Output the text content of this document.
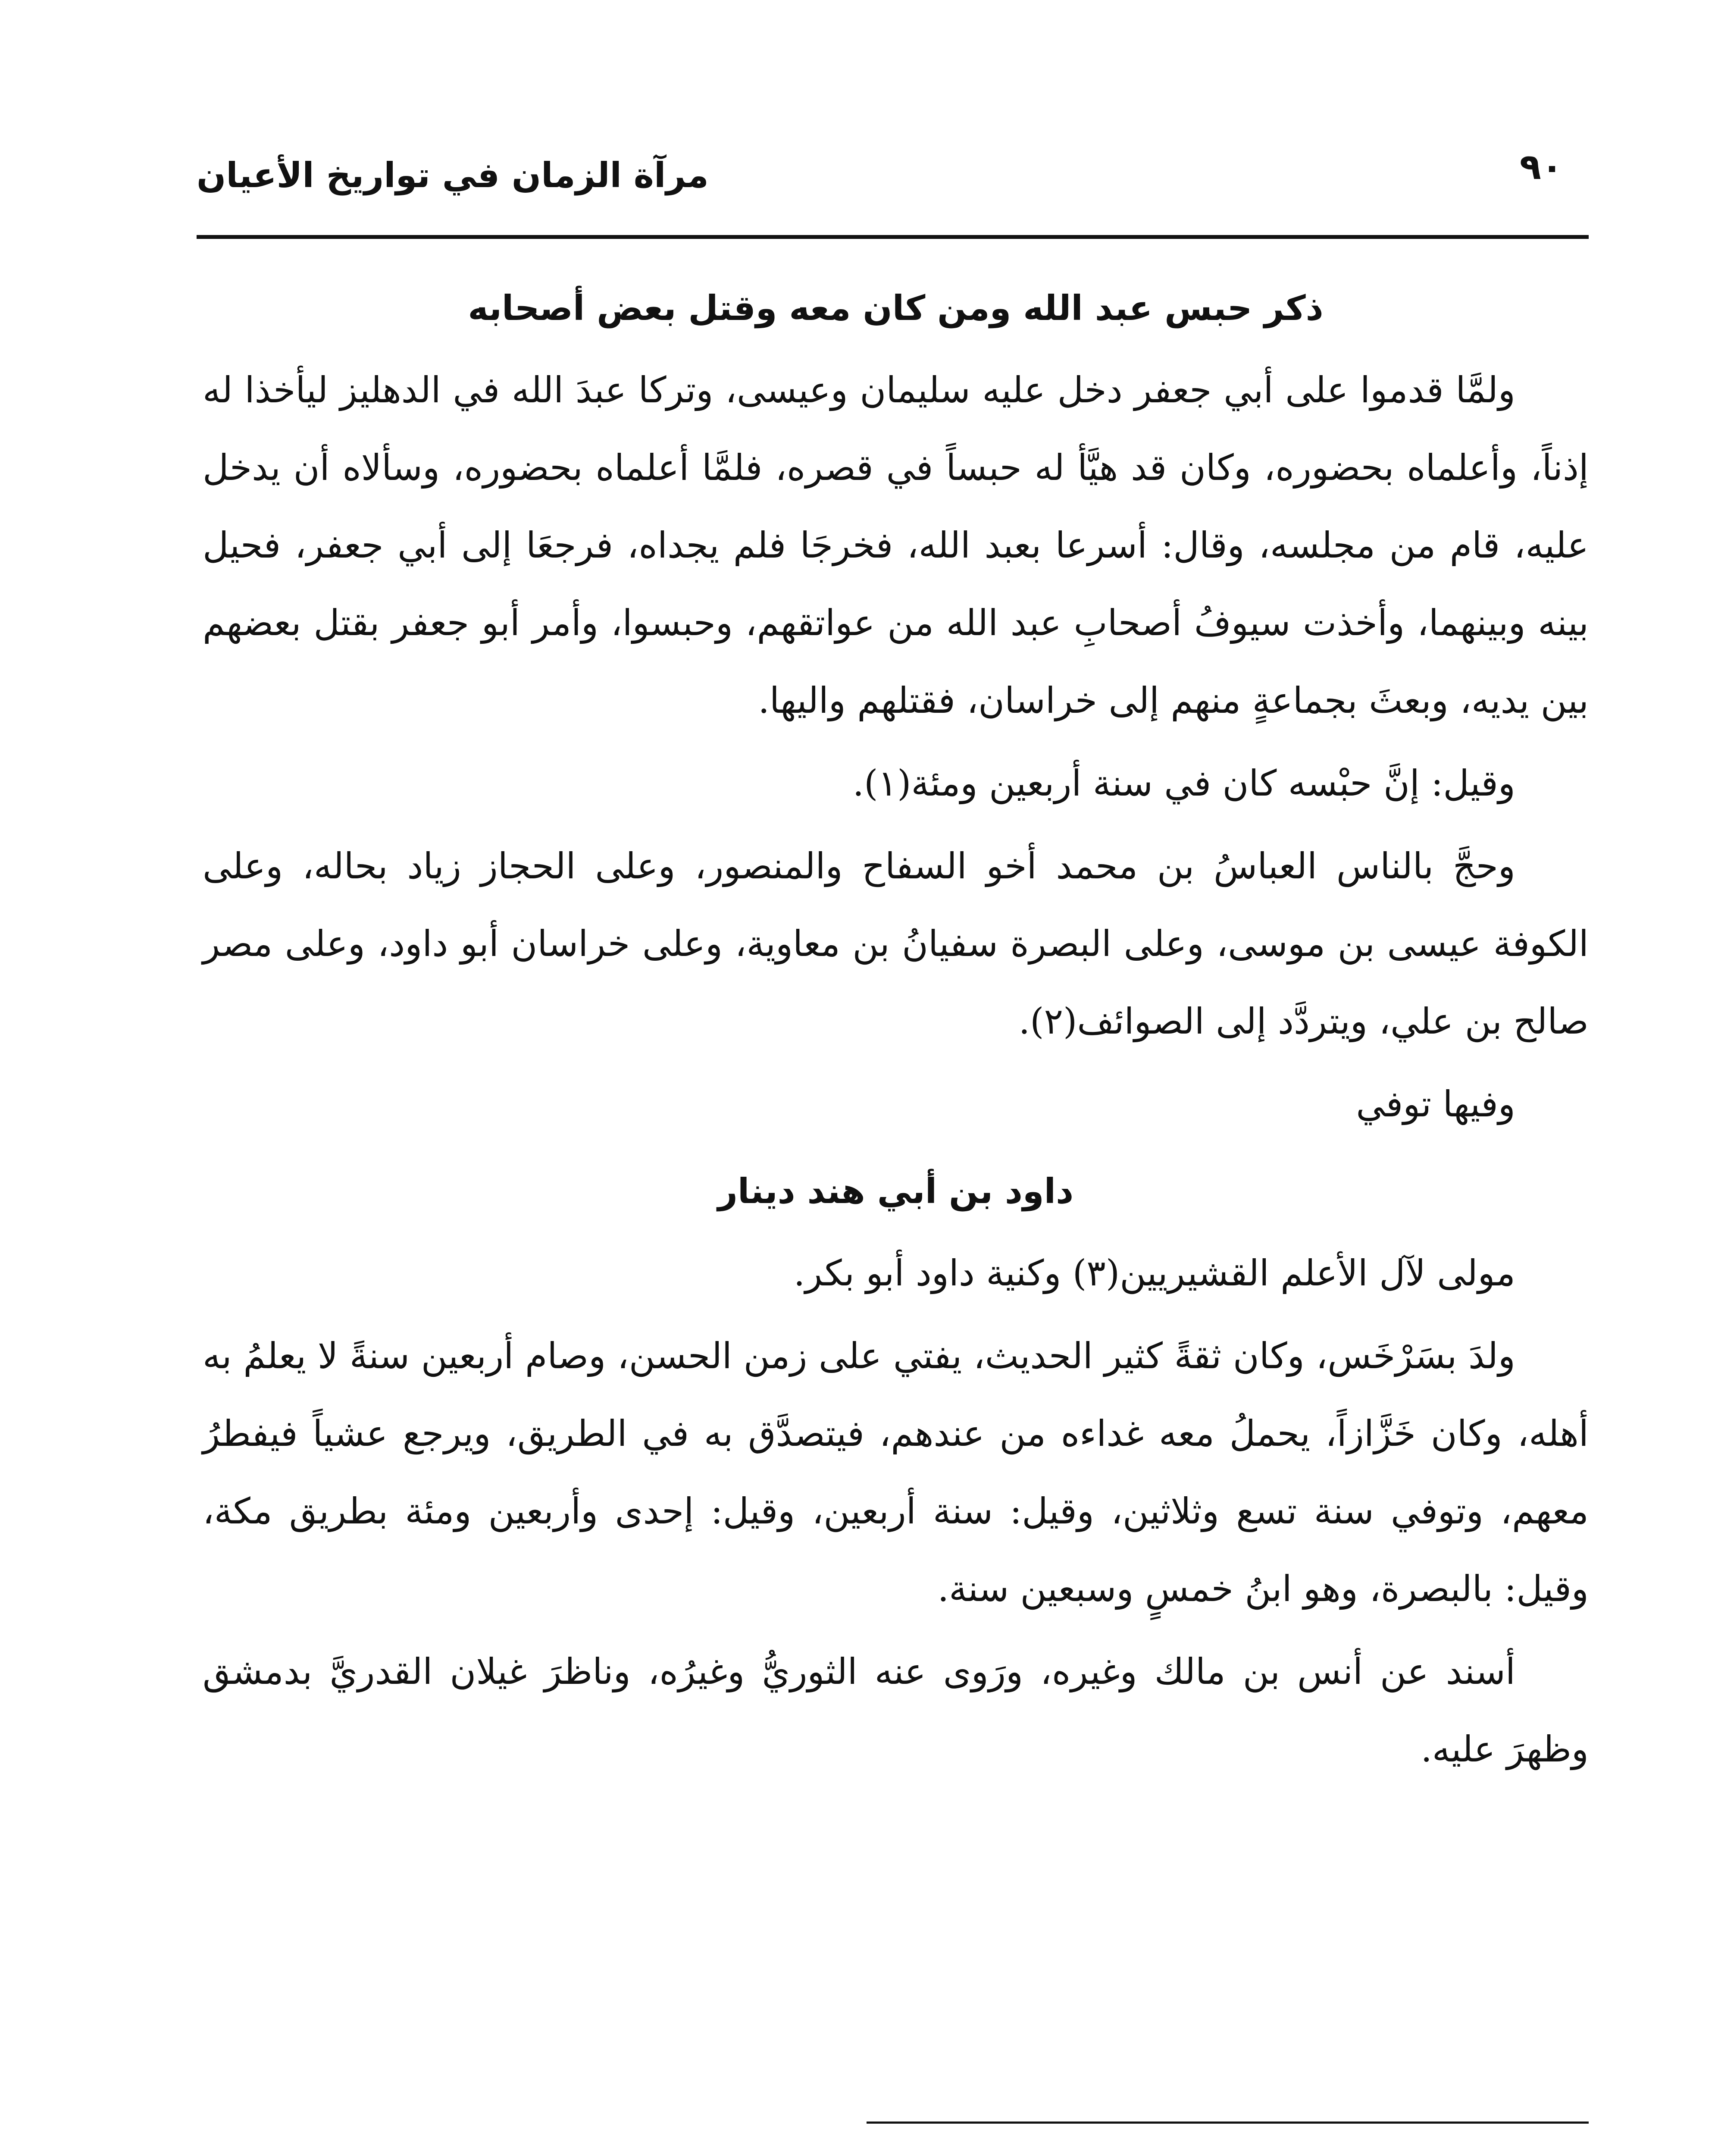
مرآة الزمان في تواريخ الأعيان	٩٠
ذكر حبس عبد الله ومن كان معه وقتل بعض أصحابه

ولمَّا قدموا على أبي جعفر دخل عليه سليمان وعيسى، وتركا عبدَ الله في الدهليز ليأخذا له إذناً، وأعلماه بحضوره، وكان قد هيَّأ له حبساً في قصره، فلمَّا أعلماه بحضوره، وسألاه أن يدخل عليه، قام من مجلسه، وقال: أسرعا بعبد الله، فخرجَا فلم يجداه، فرجعَا إلى أبي جعفر، فحيل بينه وبينهما، وأخذت سيوفُ أصحابِ عبد الله من عواتقهم، وحبسوا، وأمر أبو جعفر بقتل بعضهم بين يديه، وبعثَ بجماعةٍ منهم إلى خراسان، فقتلهم واليها.

وقيل: إنَّ حبْسه كان في سنة أربعين ومئة(١).

وحجَّ بالناس العباسُ بن محمد أخو السفاح والمنصور، وعلى الحجاز زياد بحاله، وعلى الكوفة عيسى بن موسى، وعلى البصرة سفيانُ بن معاوية، وعلى خراسان أبو داود، وعلى مصر صالح بن علي، ويتردَّد إلى الصوائف(٢).

وفيها توفي

داود بن أبي هند دينار

مولى لآل الأعلم القشيريين(٣) وكنية داود أبو بكر.

ولدَ بسَرْخَس، وكان ثقةً كثير الحديث، يفتي على زمن الحسن، وصام أربعين سنةً لا يعلمُ به أهله، وكان خَزَّازاً، يحملُ معه غداءه من عندهم، فيتصدَّق به في الطريق، ويرجع عشياً فيفطرُ معهم، وتوفي سنة تسع وثلاثين، وقيل: سنة أربعين، وقيل: إحدى وأربعين ومئة بطريق مكة، وقيل: بالبصرة، وهو ابنُ خمسٍ وسبعين سنة.

أسند عن أنس بن مالك وغيره، ورَوى عنه الثوريُّ وغيرُه، وناظرَ غيلان القدريَّ بدمشق وظهرَ عليه.
